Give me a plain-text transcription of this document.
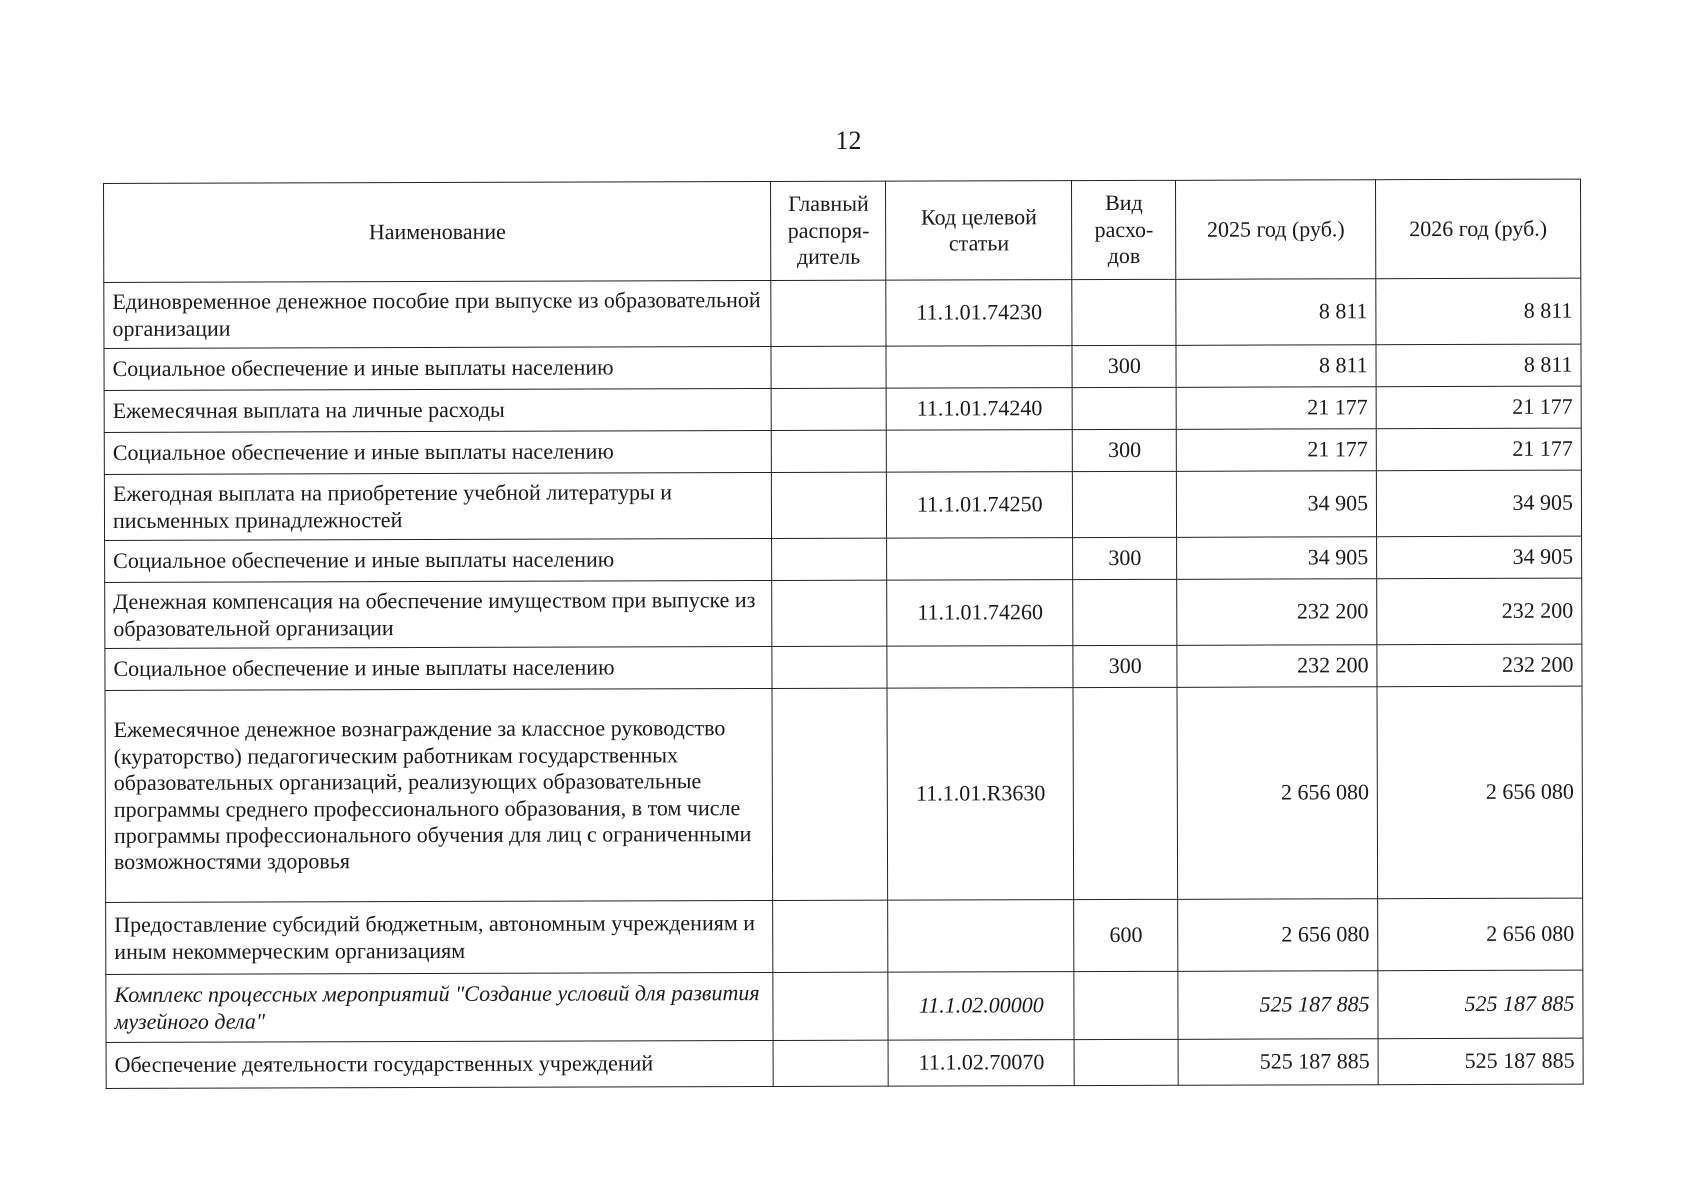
12
Наименование	Главный распоря-дитель	Код целевой статьи	Вид расхо-дов	2025 год (руб.)	2026 год (руб.)
Единовременное денежное пособие при выпуске из образовательной организации		11.1.01.74230		8 811	8 811
Социальное обеспечение и иные выплаты населению			300	8 811	8 811
Ежемесячная выплата на личные расходы		11.1.01.74240		21 177	21 177
Социальное обеспечение и иные выплаты населению			300	21 177	21 177
Ежегодная выплата на приобретение учебной литературы и письменных принадлежностей		11.1.01.74250		34 905	34 905
Социальное обеспечение и иные выплаты населению			300	34 905	34 905
Денежная компенсация на обеспечение имуществом при выпуске из образовательной организации		11.1.01.74260		232 200	232 200
Социальное обеспечение и иные выплаты населению			300	232 200	232 200
Ежемесячное денежное вознаграждение за классное руководство (кураторство) педагогическим работникам государственных образовательных организаций, реализующих образовательные программы среднего профессионального образования, в том числе программы профессионального обучения для лиц с ограниченными возможностями здоровья		11.1.01.R3630		2 656 080	2 656 080
Предоставление субсидий бюджетным, автономным учреждениям и иным некоммерческим организациям			600	2 656 080	2 656 080
Комплекс процессных мероприятий "Создание условий для развития музейного дела"		11.1.02.00000		525 187 885	525 187 885
Обеспечение деятельности государственных учреждений		11.1.02.70070		525 187 885	525 187 885
